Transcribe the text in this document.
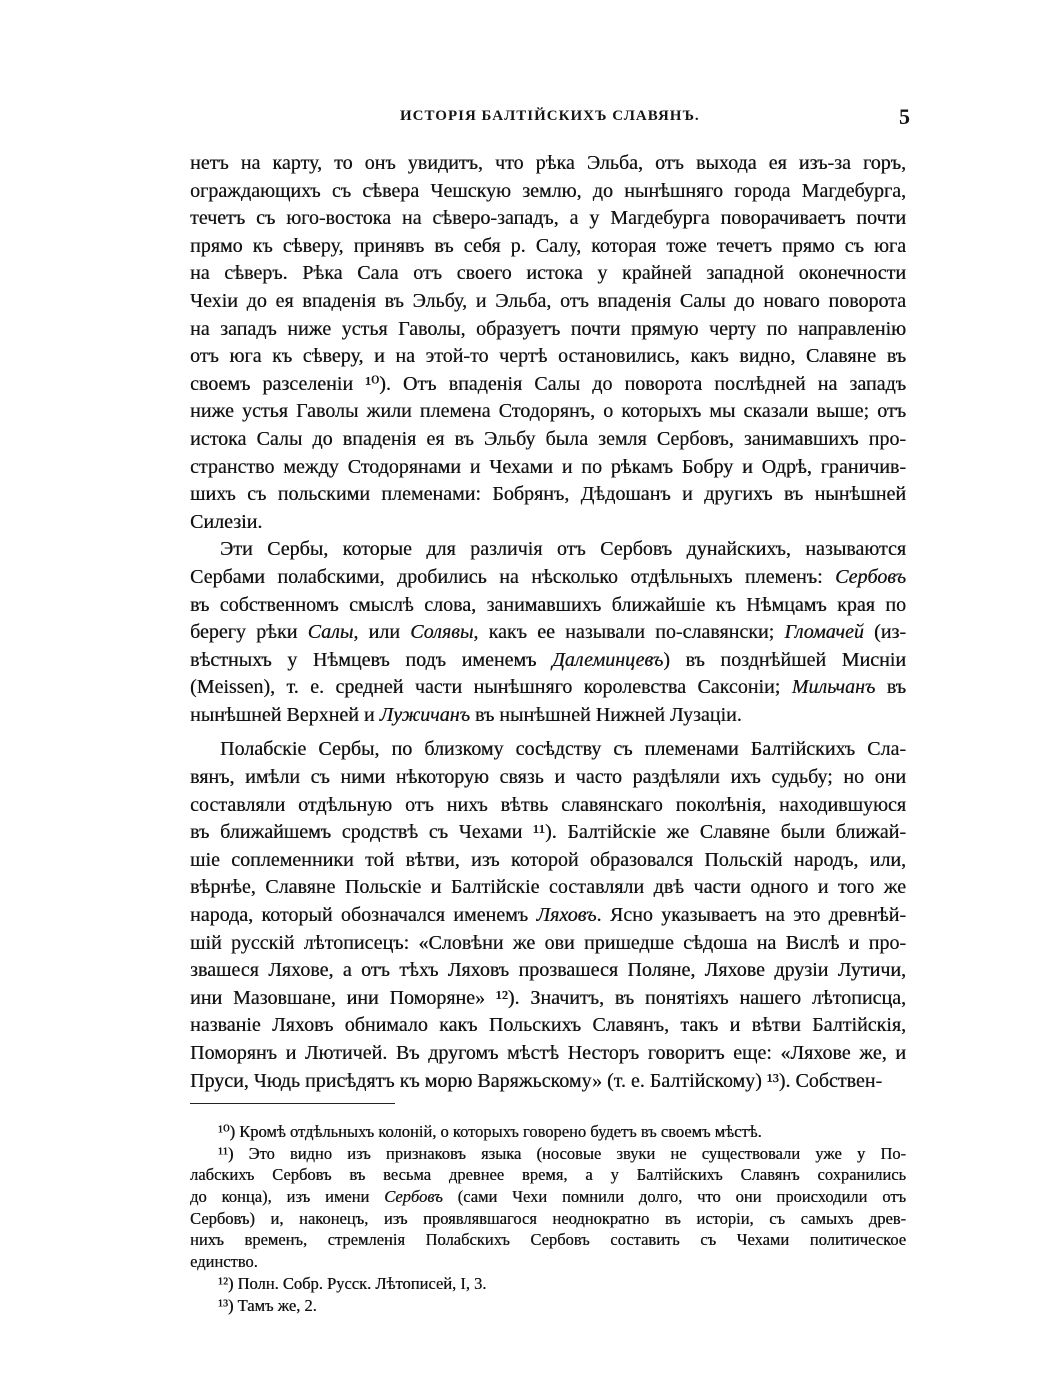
ИСТОРІЯ БАЛТІЙСКИХЪ СЛАВЯНЪ.	5
нетъ на карту, то онъ увидитъ, что рѣка Эльба, отъ выхода ея изъ-за горъ,
ограждающихъ съ сѣвера Чешскую землю, до нынѣшняго города Магдебурга,
течетъ съ юго-востока на сѣверо-западъ, а у Магдебурга поворачиваетъ почти
прямо къ сѣверу, принявъ въ себя р. Салу, которая тоже течетъ прямо съ юга
на сѣверъ. Рѣка Сала отъ своего истока у крайней западной оконечности
Чехіи до ея впаденія въ Эльбу, и Эльба, отъ впаденія Салы до новаго поворота
на западъ ниже устья Гаволы, образуетъ почти прямую черту по направленію
отъ юга къ сѣверу, и на этой-то чертѣ остановились, какъ видно, Славяне въ
своемъ разселеніи ¹⁰). Отъ впаденія Салы до поворота послѣдней на западъ
ниже устья Гаволы жили племена Стодорянъ, о которыхъ мы сказали выше; отъ
истока Салы до впаденія ея въ Эльбу была земля Сербовъ, занимавшихъ про-
странство между Стодорянами и Чехами и по рѣкамъ Бобру и Одрѣ, граничив-
шихъ съ польскими племенами: Бобрянъ, Дѣдошанъ и другихъ въ нынѣшней
Силезіи.
Эти Сербы, которые для различія отъ Сербовъ дунайскихъ, называются
Сербами полабскими, дробились на нѣсколько отдѣльныхъ племенъ: Сербовъ
въ собственномъ смыслѣ слова, занимавшихъ ближайшіе къ Нѣмцамъ края по
берегу рѣки Салы, или Солявы, какъ ее называли по-славянски; Гломачей (из-
вѣстныхъ у Нѣмцевъ подъ именемъ Далеминцевъ) въ позднѣйшей Мисніи
(Meissen), т. е. средней части нынѣшняго королевства Саксоніи; Мильчанъ въ
нынѣшней Верхней и Лужичанъ въ нынѣшней Нижней Лузаціи.
Полабскіе Сербы, по близкому сосѣдству съ племенами Балтійскихъ Сла-
вянъ, имѣли съ ними нѣкоторую связь и часто раздѣляли ихъ судьбу; но они
составляли отдѣльную отъ нихъ вѣтвь славянскаго поколѣнія, находившуюся
въ ближайшемъ сродствѣ съ Чехами ¹¹). Балтійскіе же Славяне были ближай-
шіе соплеменники той вѣтви, изъ которой образовался Польскій народъ, или,
вѣрнѣе, Славяне Польскіе и Балтійскіе составляли двѣ части одного и того же
народа, который обозначался именемъ Ляховъ. Ясно указываетъ на это древнѣй-
шій русскій лѣтописецъ: «Словѣни же ови пришедше сѣдоша на Вислѣ и про-
звашеся Ляхове, а отъ тѣхъ Ляховъ прозвашеся Поляне, Ляхове друзіи Лутичи,
ини Мазовшане, ини Поморяне» ¹²). Значитъ, въ понятіяхъ нашего лѣтописца,
названіе Ляховъ обнимало какъ Польскихъ Славянъ, такъ и вѣтви Балтійскія,
Поморянъ и Лютичей. Въ другомъ мѣстѣ Несторъ говоритъ еще: «Ляхове же, и
Пруси, Чюдь присѣдятъ къ морю Варяжьскому» (т. е. Балтійскому) ¹³). Собствен-
¹⁰) Кромѣ отдѣльныхъ колоній, о которыхъ говорено будетъ въ своемъ мѣстѣ.
¹¹) Это видно изъ признаковъ языка (носовые звуки не существовали уже у По-
лабскихъ Сербовъ въ весьма древнее время, а у Балтійскихъ Славянъ сохранились
до конца), изъ имени Сербовъ (сами Чехи помнили долго, что они происходили отъ
Сербовъ) и, наконецъ, изъ проявлявшагося неоднократно въ исторіи, съ самыхъ древ-
нихъ временъ, стремленія Полабскихъ Сербовъ составить съ Чехами политическое
единство.
¹²) Полн. Собр. Русск. Лѣтописей, I, 3.
¹³) Тамъ же, 2.
